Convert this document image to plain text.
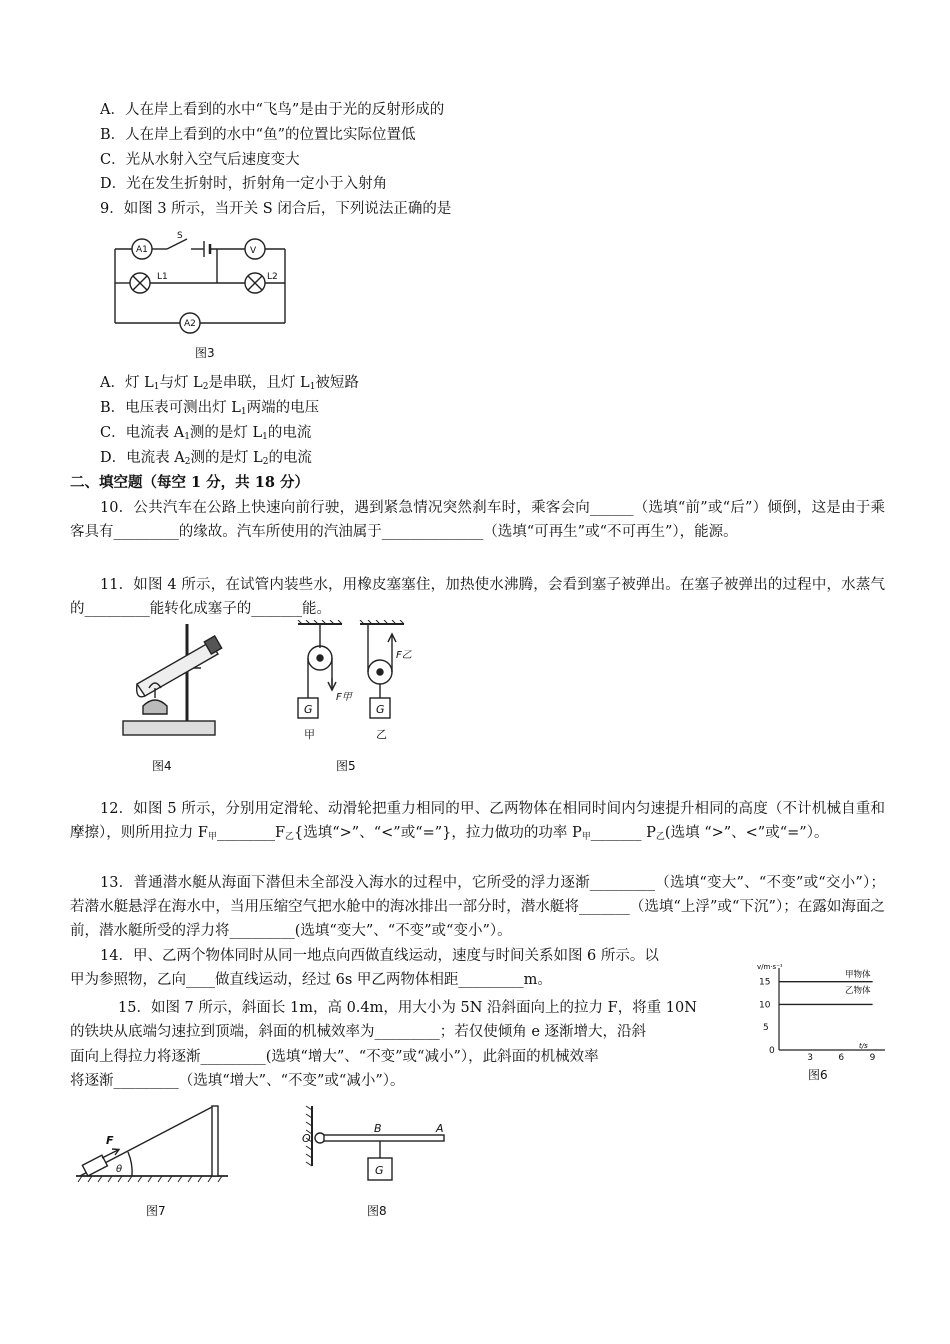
A．人在岸上看到的水中“飞鸟”是由于光的反射形成的
B．人在岸上看到的水中“鱼”的位置比实际位置低
C．光从水射入空气后速度变大
D．光在发生折射时，折射角一定小于入射角
9．如图 3 所示，当开关 S 闭合后，下列说法正确的是
A1	V
A2
S
L1	L2
图3
A．灯 $L_1$与灯 $L_2$是串联，且灯 $L_1$被短路
B．电压表可测出灯 $L_1$两端的电压
C．电流表 $A_1$测的是灯 $L_1$的电流
D．电流表 $A_2$测的是灯 $L_2$的电流
二、填空题（每空 1 分，共 18 分）
10．公共汽车在公路上快速向前行驶，遇到紧急情况突然刹车时，乘客会向______（选填“前”或“后”）倾倒，这是由于乘客具有_________的缘故。汽车所使用的汽油属于______________（选填“可再生”或“不可再生”），能源。
11．如图 4 所示，在试管内装些水，用橡皮塞塞住，加热使水沸腾，会看到塞子被弹出。在塞子被弹出的过程中，水蒸气的_________能转化成塞子的_______能。
图4
G	G
F甲
F乙
甲	乙
图5
12．如图 5 所示，分别用定滑轮、动滑轮把重力相同的甲、乙两物体在相同时间内匀速提升相同的高度（不计机械自重和摩擦），则所用拉力 $F_甲\_\_\_\_\_\_\_\_F_乙${选填“>”、“<”或“=”}，拉力做功的功率 $P_甲\_\_\_\_\_\_\_$ $P_乙$(选填 “>”、<”或“=”）。
13．普通潜水艇从海面下潜但未全部没入海水的过程中，它所受的浮力逐渐_________（选填“变大”、“不变”或“交小”）；若潜水艇悬浮在海水中，当用压缩空气把水舱中的海冰排出一部分时，潜水艇将_______（选填“上浮”或“下沉”）；在露如海面之前，潜水艇所受的浮力将_________(选填“变大”、“不变”或“变小”）。
14．甲、乙两个物体同时从同一地点向西做直线运动，速度与时间关系如图 6 所示。以
甲为参照物，乙向____做直线运动，经过 6s 甲乙两物体相距_________m。
v/m·s⁻¹
t/s
15
10
5
0
3	6	9
甲物体
乙物体
图6
15．如图 7 所示，斜面长 1m，高 0.4m，用大小为 5N 沿斜面向上的拉力 F，将重 10N
的铁块从底端匀速拉到顶端，斜面的机械效率为_________；若仅使倾角 e 逐渐增大，沿斜
面向上得拉力将逐渐_________(选填“增大”、“不变”或“减小”），此斜面的机械效率
将逐渐_________（选填“增大”、“不变”或“减小”）。
F
θ
图7
O
B	A
G
图8
